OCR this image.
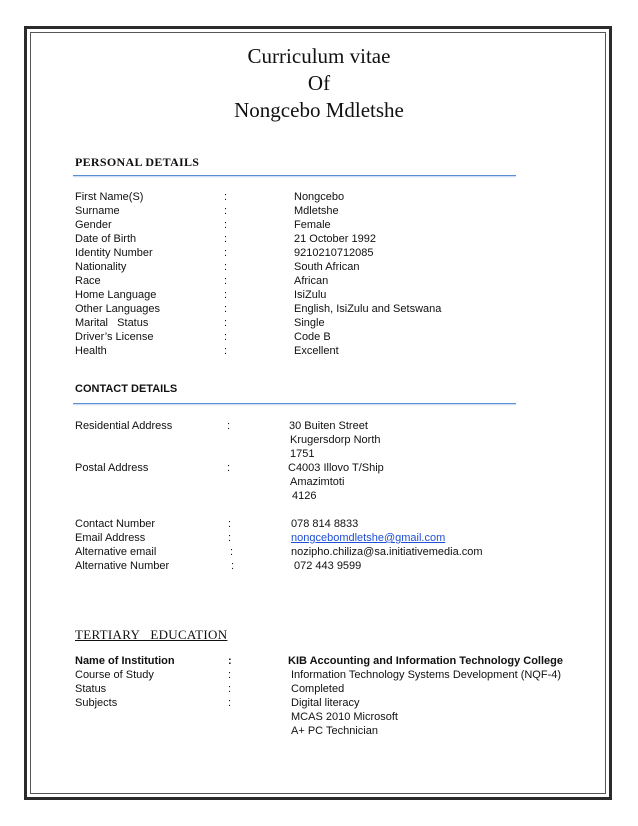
Curriculum vitae
Of
Nongcebo Mdletshe
PERSONAL DETAILS
First Name(S)	:	Nongcebo
Surname	:	Mdletshe
Gender	:	Female
Date of Birth	:	21 October 1992
Identity Number	:	9210210712085
Nationality	:	South African
Race	:	African
Home Language	:	IsiZulu
Other Languages	:	English, IsiZulu and Setswana
Marital   Status	:	Single
Driver’s License	:	Code B
Health	:	Excellent
CONTACT DETAILS
Residential Address	:	30 Buiten Street
Krugersdorp North
1751
Postal Address	:	C4003 Illovo T/Ship
Amazimtoti
4126
Contact Number	:	078 814 8833
Email Address	:	nongcebomdletshe@gmail.com
Alternative email	:	nozipho.chiliza@sa.initiativemedia.com
Alternative Number	:	072 443 9599
TERTIARY   EDUCATION
Name of Institution	:	KIB Accounting and Information Technology College
Course of Study	:	Information Technology Systems Development (NQF-4)
Status	:	Completed
Subjects	:	Digital literacy
MCAS 2010 Microsoft
A+ PC Technician
